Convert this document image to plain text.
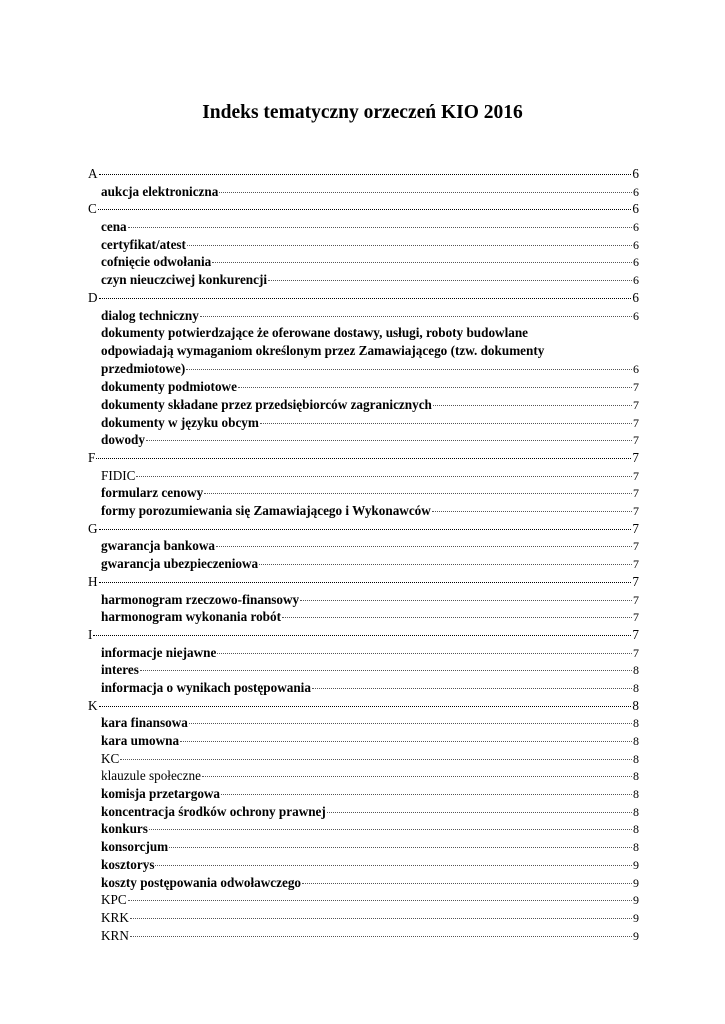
Indeks tematyczny orzeczeń KIO 2016
A	6
aukcja elektroniczna	6
C	6
cena	6
certyfikat/atest	6
cofnięcie odwołania	6
czyn nieuczciwej konkurencji	6
D	6
dialog techniczny	6
dokumenty potwierdzające że oferowane dostawy, usługi, roboty budowlane
odpowiadają wymaganiom określonym przez Zamawiającego (tzw. dokumenty
przedmiotowe)	6
dokumenty podmiotowe	7
dokumenty składane przez przedsiębiorców zagranicznych	7
dokumenty w języku obcym	7
dowody	7
F	7
FIDIC	7
formularz cenowy	7
formy porozumiewania się Zamawiającego i Wykonawców	7
G	7
gwarancja bankowa	7
gwarancja ubezpieczeniowa	7
H	7
harmonogram rzeczowo-finansowy	7
harmonogram wykonania robót	7
I	7
informacje niejawne	7
interes	8
informacja o wynikach postępowania	8
K	8
kara finansowa	8
kara umowna	8
KC	8
klauzule społeczne	8
komisja przetargowa	8
koncentracja środków ochrony prawnej	8
konkurs	8
konsorcjum	8
kosztorys	9
koszty postępowania odwoławczego	9
KPC	9
KRK	9
KRN	9
